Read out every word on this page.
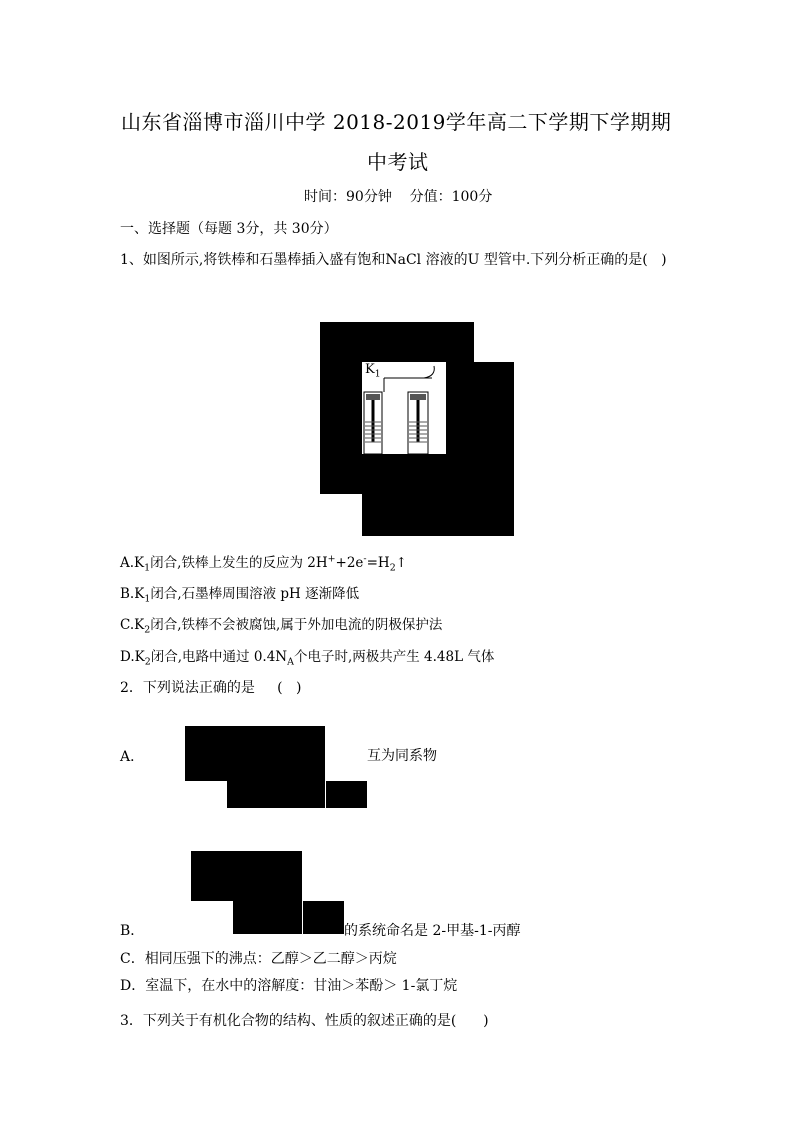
山东省淄博市淄川中学 2018-2019学年高二下学期下学期期
中考试
时间：90分钟    分值：100分
一、选择题（每题 3分，共 30分）
1、如图所示,将铁棒和石墨棒插入盛有饱和NaCl 溶液的U 型管中.下列分析正确的是(   )
$K_1$
$A.K_1$闭合,铁棒上发生的反应为 $2H^++2e^-=H_2↑$
$B.K_1$闭合,石墨棒周围溶液 pH 逐渐降低
$C.K_2$闭合,铁棒不会被腐蚀,属于外加电流的阴极保护法
$D.K_2$闭合,电路中通过 $0.4N_A$个电子时,两极共产生 4.48L 气体
2．下列说法正确的是     (   )
A．	互为同系物
B．	的系统命名是 2-甲基-1-丙醇
C．相同压强下的沸点：乙醇＞乙二醇＞丙烷
D．室温下，在水中的溶解度：甘油＞苯酚＞ 1-氯丁烷
3．下列关于有机化合物的结构、性质的叙述正确的是(      )
